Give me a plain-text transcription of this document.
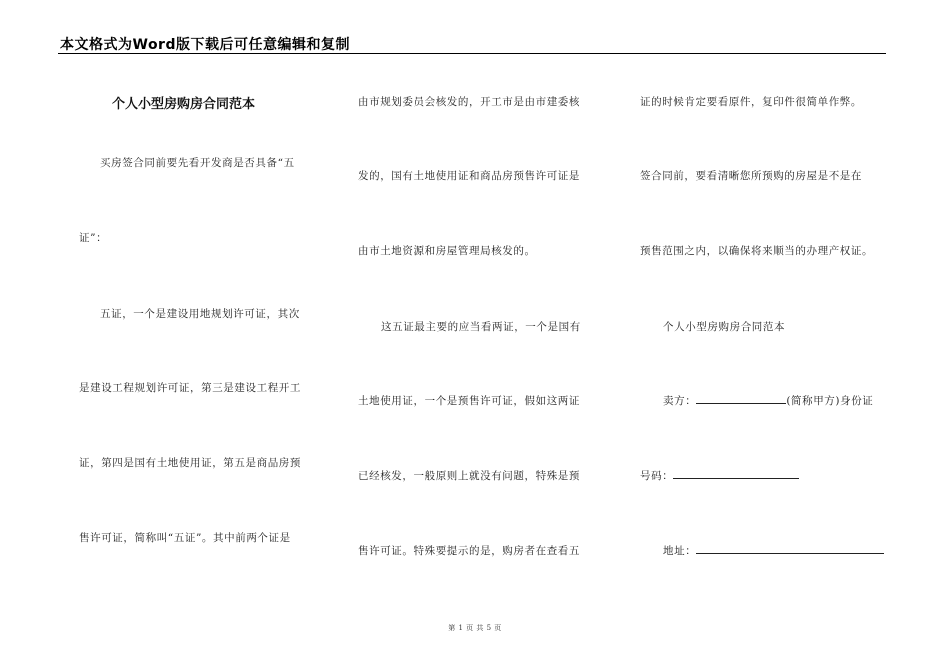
本文格式为Word版下载后可任意编辑和复制
个人小型房购房合同范本
买房签合同前要先看开发商是否具备“五
证”：
五证，一个是建设用地规划许可证，其次
是建设工程规划许可证，第三是建设工程开工
证，第四是国有土地使用证，第五是商品房预
售许可证，简称叫“五证”。其中前两个证是
由市规划委员会核发的，开工市是由市建委核
发的，国有土地使用证和商品房预售许可证是
由市土地资源和房屋管理局核发的。
这五证最主要的应当看两证，一个是国有
土地使用证，一个是预售许可证，假如这两证
已经核发，一般原则上就没有问题，特殊是预
售许可证。特殊要提示的是，购房者在查看五
证的时候肯定要看原件，复印件很简单作弊。
签合同前，要看清晰您所预购的房屋是不是在
预售范围之内，以确保将来顺当的办理产权证。
个人小型房购房合同范本
卖方：	(简称甲方)身份证
号码：
地址：
第 1 页 共 5 页
